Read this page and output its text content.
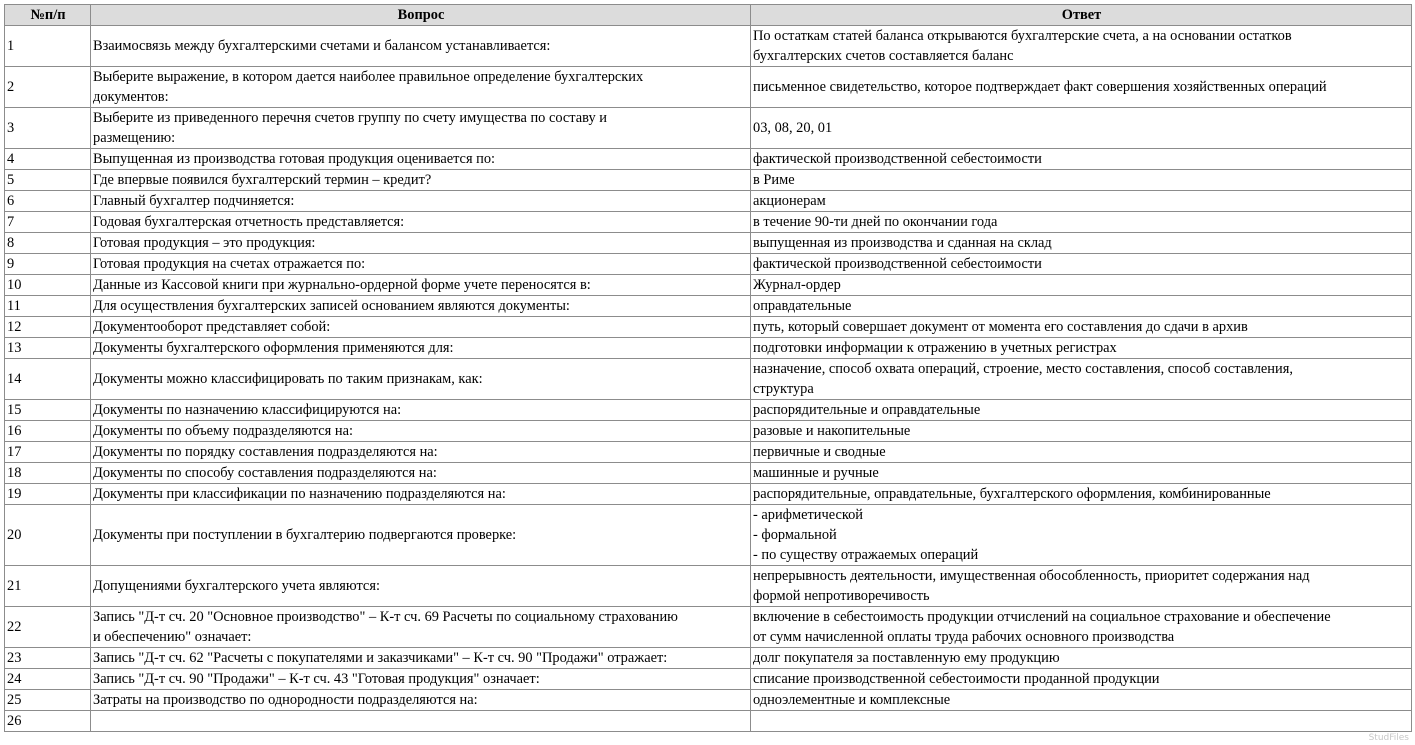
№п/п	Вопрос	Ответ
1	Взаимосвязь между бухгалтерскими счетами и балансом устанавливается:	По остаткам статей баланса открываются бухгалтерские счета, а на основании остатков
бухгалтерских счетов составляется баланс

2	Выберите выражение, в котором дается наиболее правильное определение бухгалтерских
документов:	письменное свидетельство, которое подтверждает факт совершения хозяйственных операций

3	Выберите из приведенного перечня счетов группу по счету имущества по составу и
размещению:	03, 08, 20, 01

4	Выпущенная из производства готовая продукция оценивается по:	фактической производственной себестоимости

5	Где впервые появился бухгалтерский термин – кредит?	в Риме

6	Главный бухгалтер подчиняется:	акционерам

7	Годовая бухгалтерская отчетность представляется:	в течение 90-ти дней по окончании года

8	Готовая продукция – это продукция:	выпущенная из производства и сданная на склад

9	Готовая продукция на счетах отражается по:	фактической производственной себестоимости

10	Данные из Кассовой книги при журнально-ордерной форме учете переносятся в:	Журнал-ордер

11	Для осуществления бухгалтерских записей основанием являются документы:	оправдательные

12	Документооборот представляет собой:	путь, который совершает документ от момента его составления до сдачи в архив

13	Документы бухгалтерского оформления применяются для:	подготовки информации к отражению в учетных регистрах

14	Документы можно классифицировать по таким признакам, как:	назначение, способ охвата операций, строение, место составления, способ составления,
структура

15	Документы по назначению классифицируются на:	распорядительные и оправдательные

16	Документы по объему подразделяются на:	разовые и накопительные

17	Документы по порядку составления подразделяются на:	первичные и сводные

18	Документы по способу составления подразделяются на:	машинные и ручные

19	Документы при классификации по назначению подразделяются на:	распорядительные, оправдательные, бухгалтерского оформления, комбинированные

20	Документы при поступлении в бухгалтерию подвергаются проверке:	- арифметической
- формальной
- по существу отражаемых операций

21	Допущениями бухгалтерского учета являются:	непрерывность деятельности, имущественная обособленность, приоритет содержания над
формой непротиворечивость

22	Запись "Д-т сч. 20 "Основное производство" – К-т сч. 69 Расчеты по социальному страхованию
и обеспечению" означает:	включение в себестоимость продукции отчислений на социальное страхование и обеспечение
от сумм начисленной оплаты труда рабочих основного производства

23	Запись "Д-т сч. 62 "Расчеты с покупателями и заказчиками" – К-т сч. 90 "Продажи" отражает:	долг покупателя за поставленную ему продукцию

24	Запись "Д-т сч. 90 "Продажи" – К-т сч. 43 "Готовая продукция" означает:	списание производственной себестоимости проданной продукции

25	Затраты на производство по однородности подразделяются на:	одноэлементные и комплексные

26	

StudFiles
